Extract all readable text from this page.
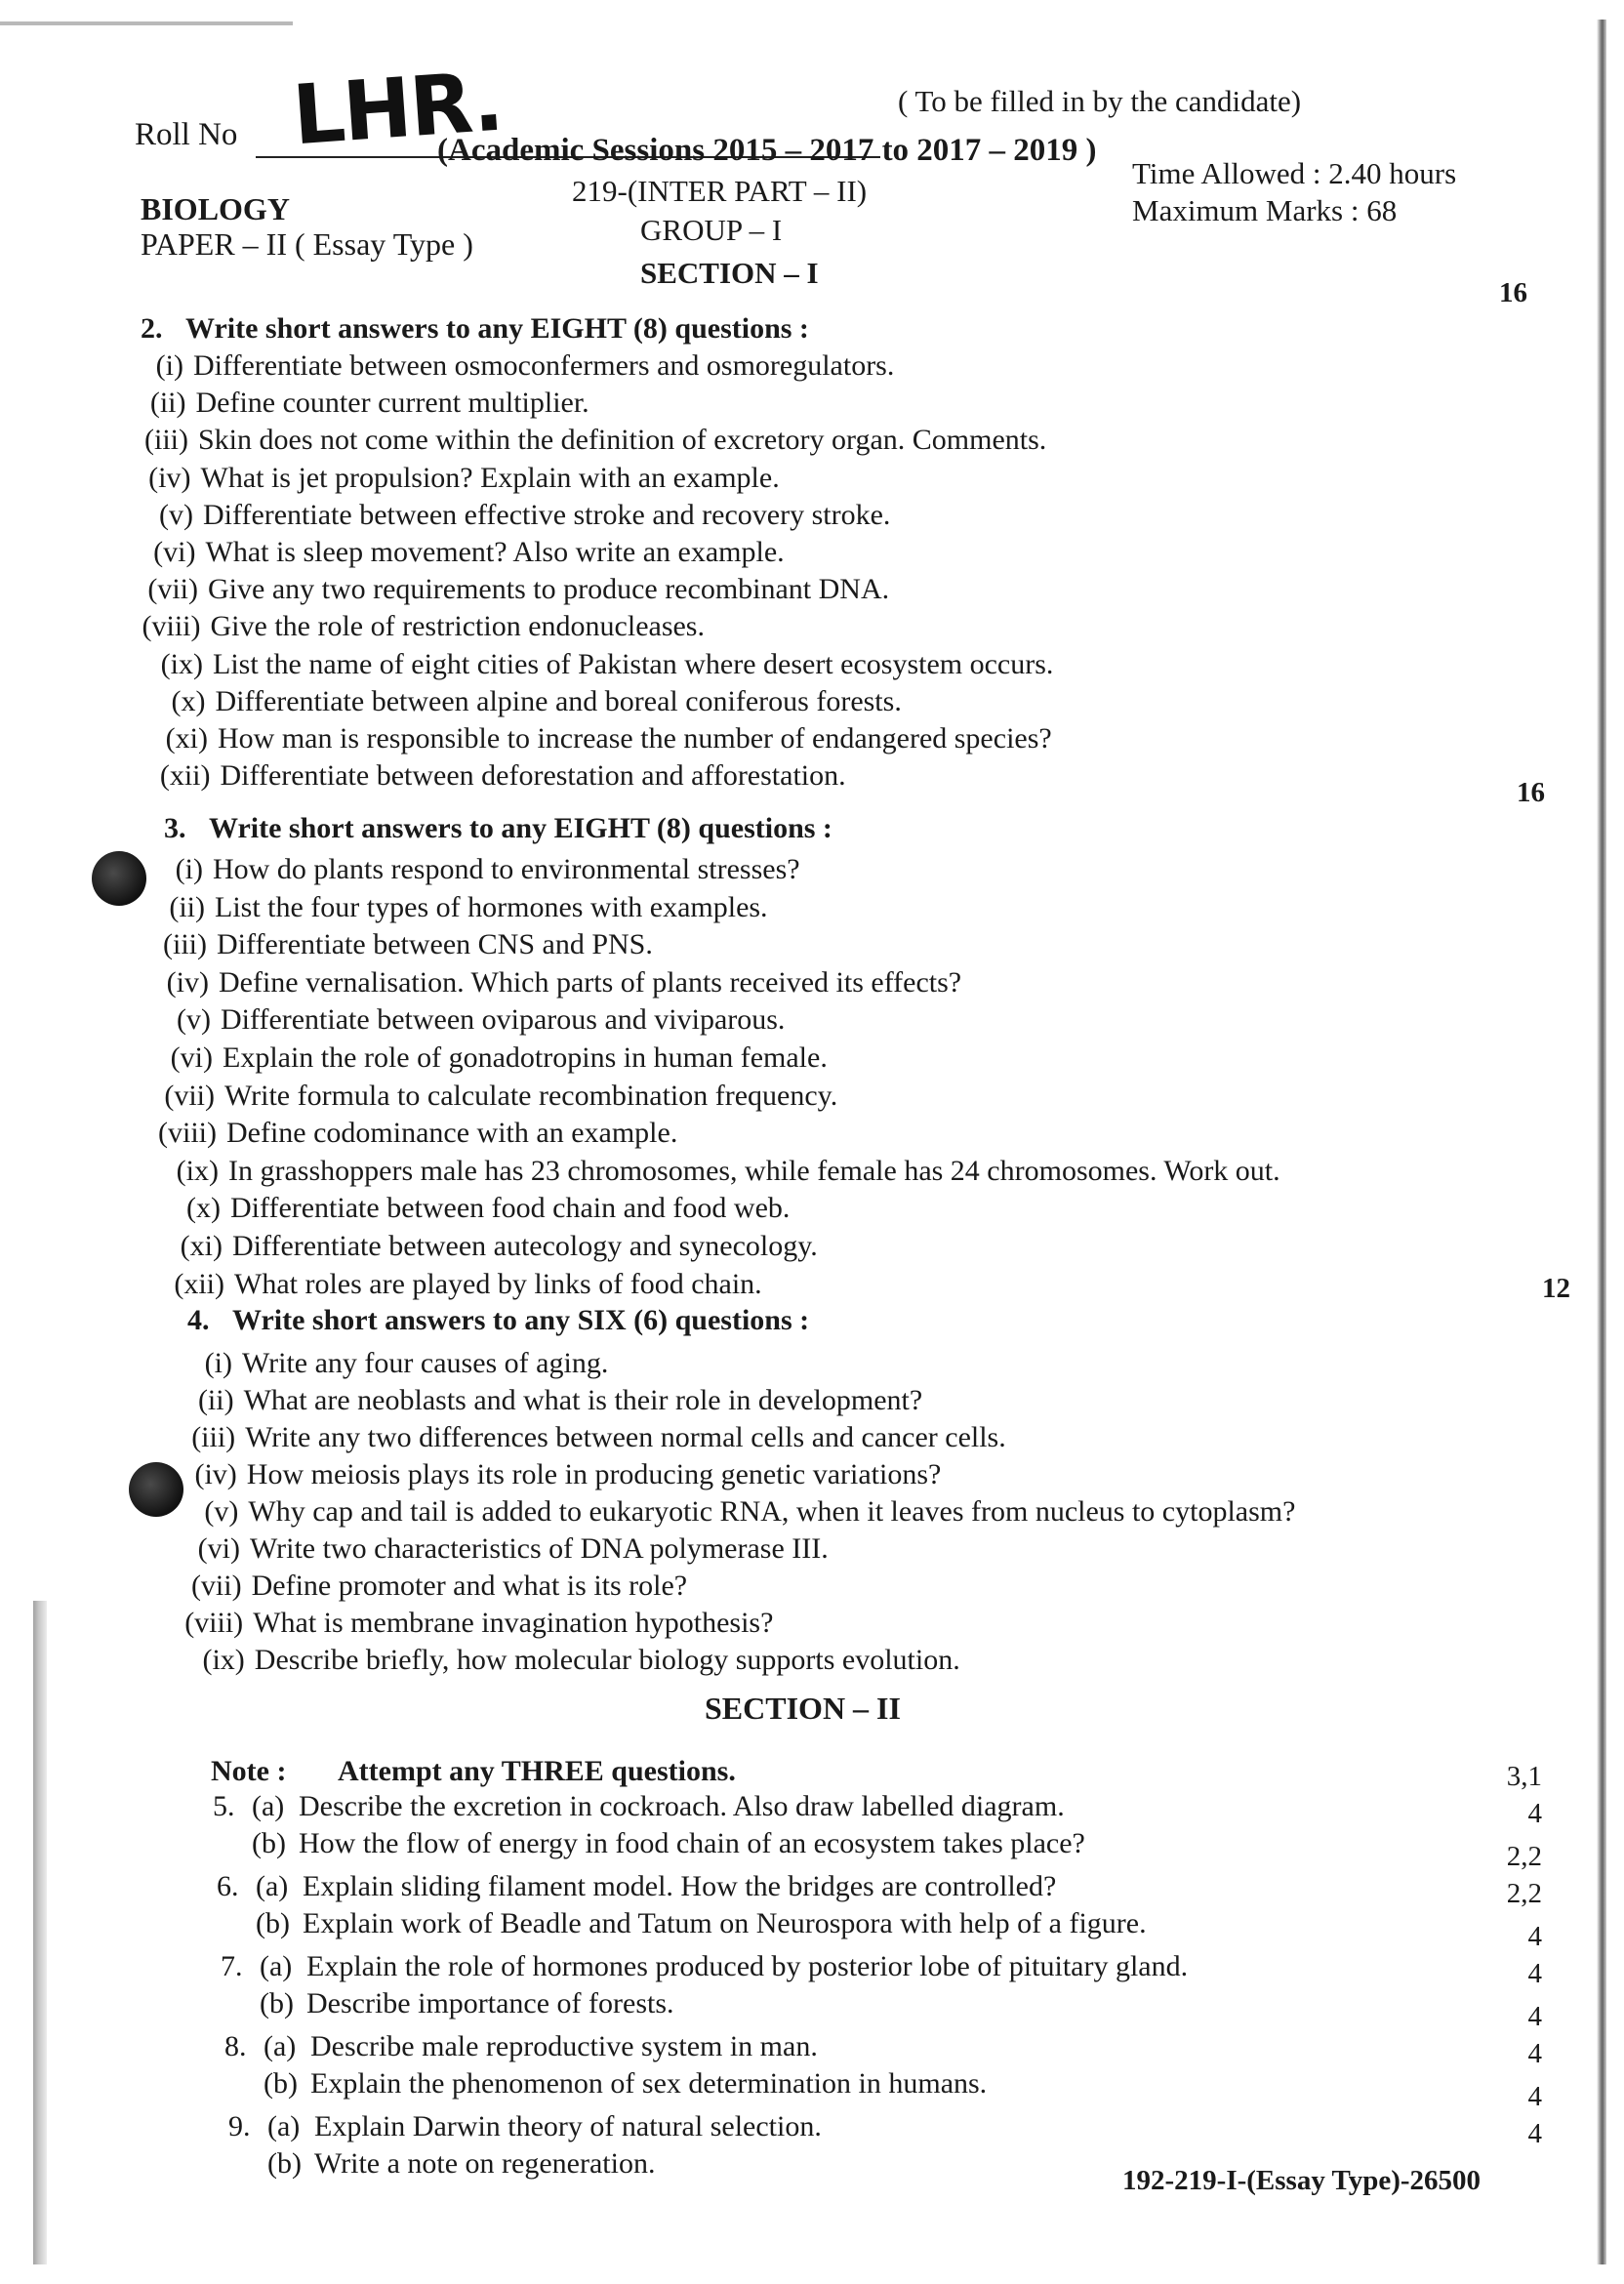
Roll No LHR.	( To be filled in by the candidate)
(Academic Sessions 2015 – 2017 to 2017 – 2019 )
BIOLOGY
PAPER – II ( Essay Type )
219-(INTER PART – II)
GROUP – I
Time Allowed : 2.40 hours
Maximum Marks : 68
SECTION – I
16
2. Write short answers to any EIGHT (8) questions :
(i) Differentiate between osmoconfermers and osmoregulators.
(ii) Define counter current multiplier.
(iii) Skin does not come within the definition of excretory organ. Comments.
(iv) What is jet propulsion? Explain with an example.
(v) Differentiate between effective stroke and recovery stroke.
(vi) What is sleep movement? Also write an example.
(vii) Give any two requirements to produce recombinant DNA.
(viii) Give the role of restriction endonucleases.
(ix) List the name of eight cities of Pakistan where desert ecosystem occurs.
(x) Differentiate between alpine and boreal coniferous forests.
(xi) How man is responsible to increase the number of endangered species?
(xii) Differentiate between deforestation and afforestation.
16
3. Write short answers to any EIGHT (8) questions :
(i) How do plants respond to environmental stresses?
(ii) List the four types of hormones with examples.
(iii) Differentiate between CNS and PNS.
(iv) Define vernalisation. Which parts of plants received its effects?
(v) Differentiate between oviparous and viviparous.
(vi) Explain the role of gonadotropins in human female.
(vii) Write formula to calculate recombination frequency.
(viii) Define codominance with an example.
(ix) In grasshoppers male has 23 chromosomes, while female has 24 chromosomes. Work out.
(x) Differentiate between food chain and food web.
(xi) Differentiate between autecology and synecology.
(xii) What roles are played by links of food chain.	12
4. Write short answers to any SIX (6) questions :
(i) Write any four causes of aging.
(ii) What are neoblasts and what is their role in development?
(iii) Write any two differences between normal cells and cancer cells.
(iv) How meiosis plays its role in producing genetic variations?
(v) Why cap and tail is added to eukaryotic RNA, when it leaves from nucleus to cytoplasm?
(vi) Write two characteristics of DNA polymerase III.
(vii) Define promoter and what is its role?
(viii) What is membrane invagination hypothesis?
(ix) Describe briefly, how molecular biology supports evolution.
SECTION – II
Note : Attempt any THREE questions.
5. (a) Describe the excretion in cockroach. Also draw labelled diagram.
3,1
(b) How the flow of energy in food chain of an ecosystem takes place?
4
6. (a) Explain sliding filament model. How the bridges are controlled?
2,2
(b) Explain work of Beadle and Tatum on Neurospora with help of a figure.
2,2
7. (a) Explain the role of hormones produced by posterior lobe of pituitary gland.
4
(b) Describe importance of forests.
4
8. (a) Describe male reproductive system in man.
4
(b) Explain the phenomenon of sex determination in humans.
4
9. (a) Explain Darwin theory of natural selection.
4
(b) Write a note on regeneration.
4
192-219-I-(Essay Type)-26500
